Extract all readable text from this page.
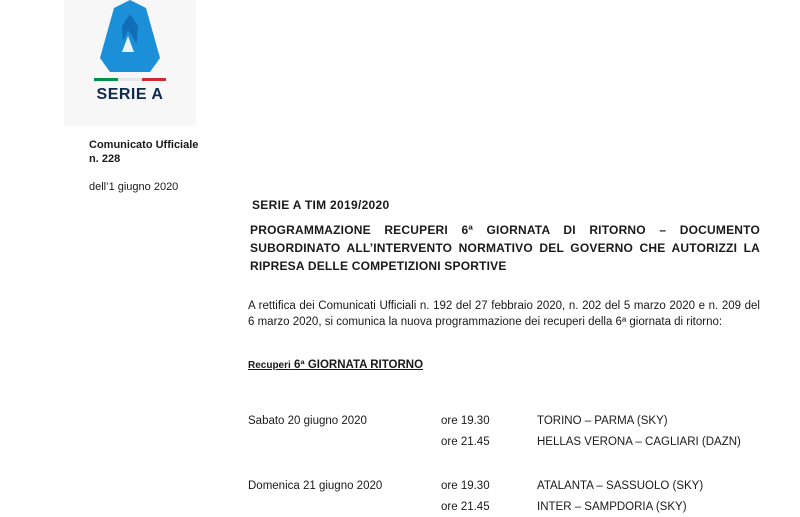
SERIE A
Comunicato Ufficiale
n. 228
dell’1 giugno 2020
SERIE A TIM 2019/2020
PROGRAMMAZIONE RECUPERI 6ª GIORNATA DI RITORNO – DOCUMENTO SUBORDINATO ALL’INTERVENTO NORMATIVO DEL GOVERNO CHE AUTORIZZI LA RIPRESA DELLE COMPETIZIONI SPORTIVE
A rettifica dei Comunicati Ufficiali n. 192 del 27 febbraio 2020, n. 202 del 5 marzo 2020 e n. 209 del 6 marzo 2020, si comunica la nuova programmazione dei recuperi della 6ª giornata di ritorno:
Recuperi 6ª GIORNATA RITORNO
Sabato 20 giugno 2020	ore 19.30	TORINO – PARMA (SKY)
ore 21.45	HELLAS VERONA – CAGLIARI (DAZN)
Domenica 21 giugno 2020	ore 19.30	ATALANTA – SASSUOLO (SKY)
ore 21.45	INTER – SAMPDORIA (SKY)
